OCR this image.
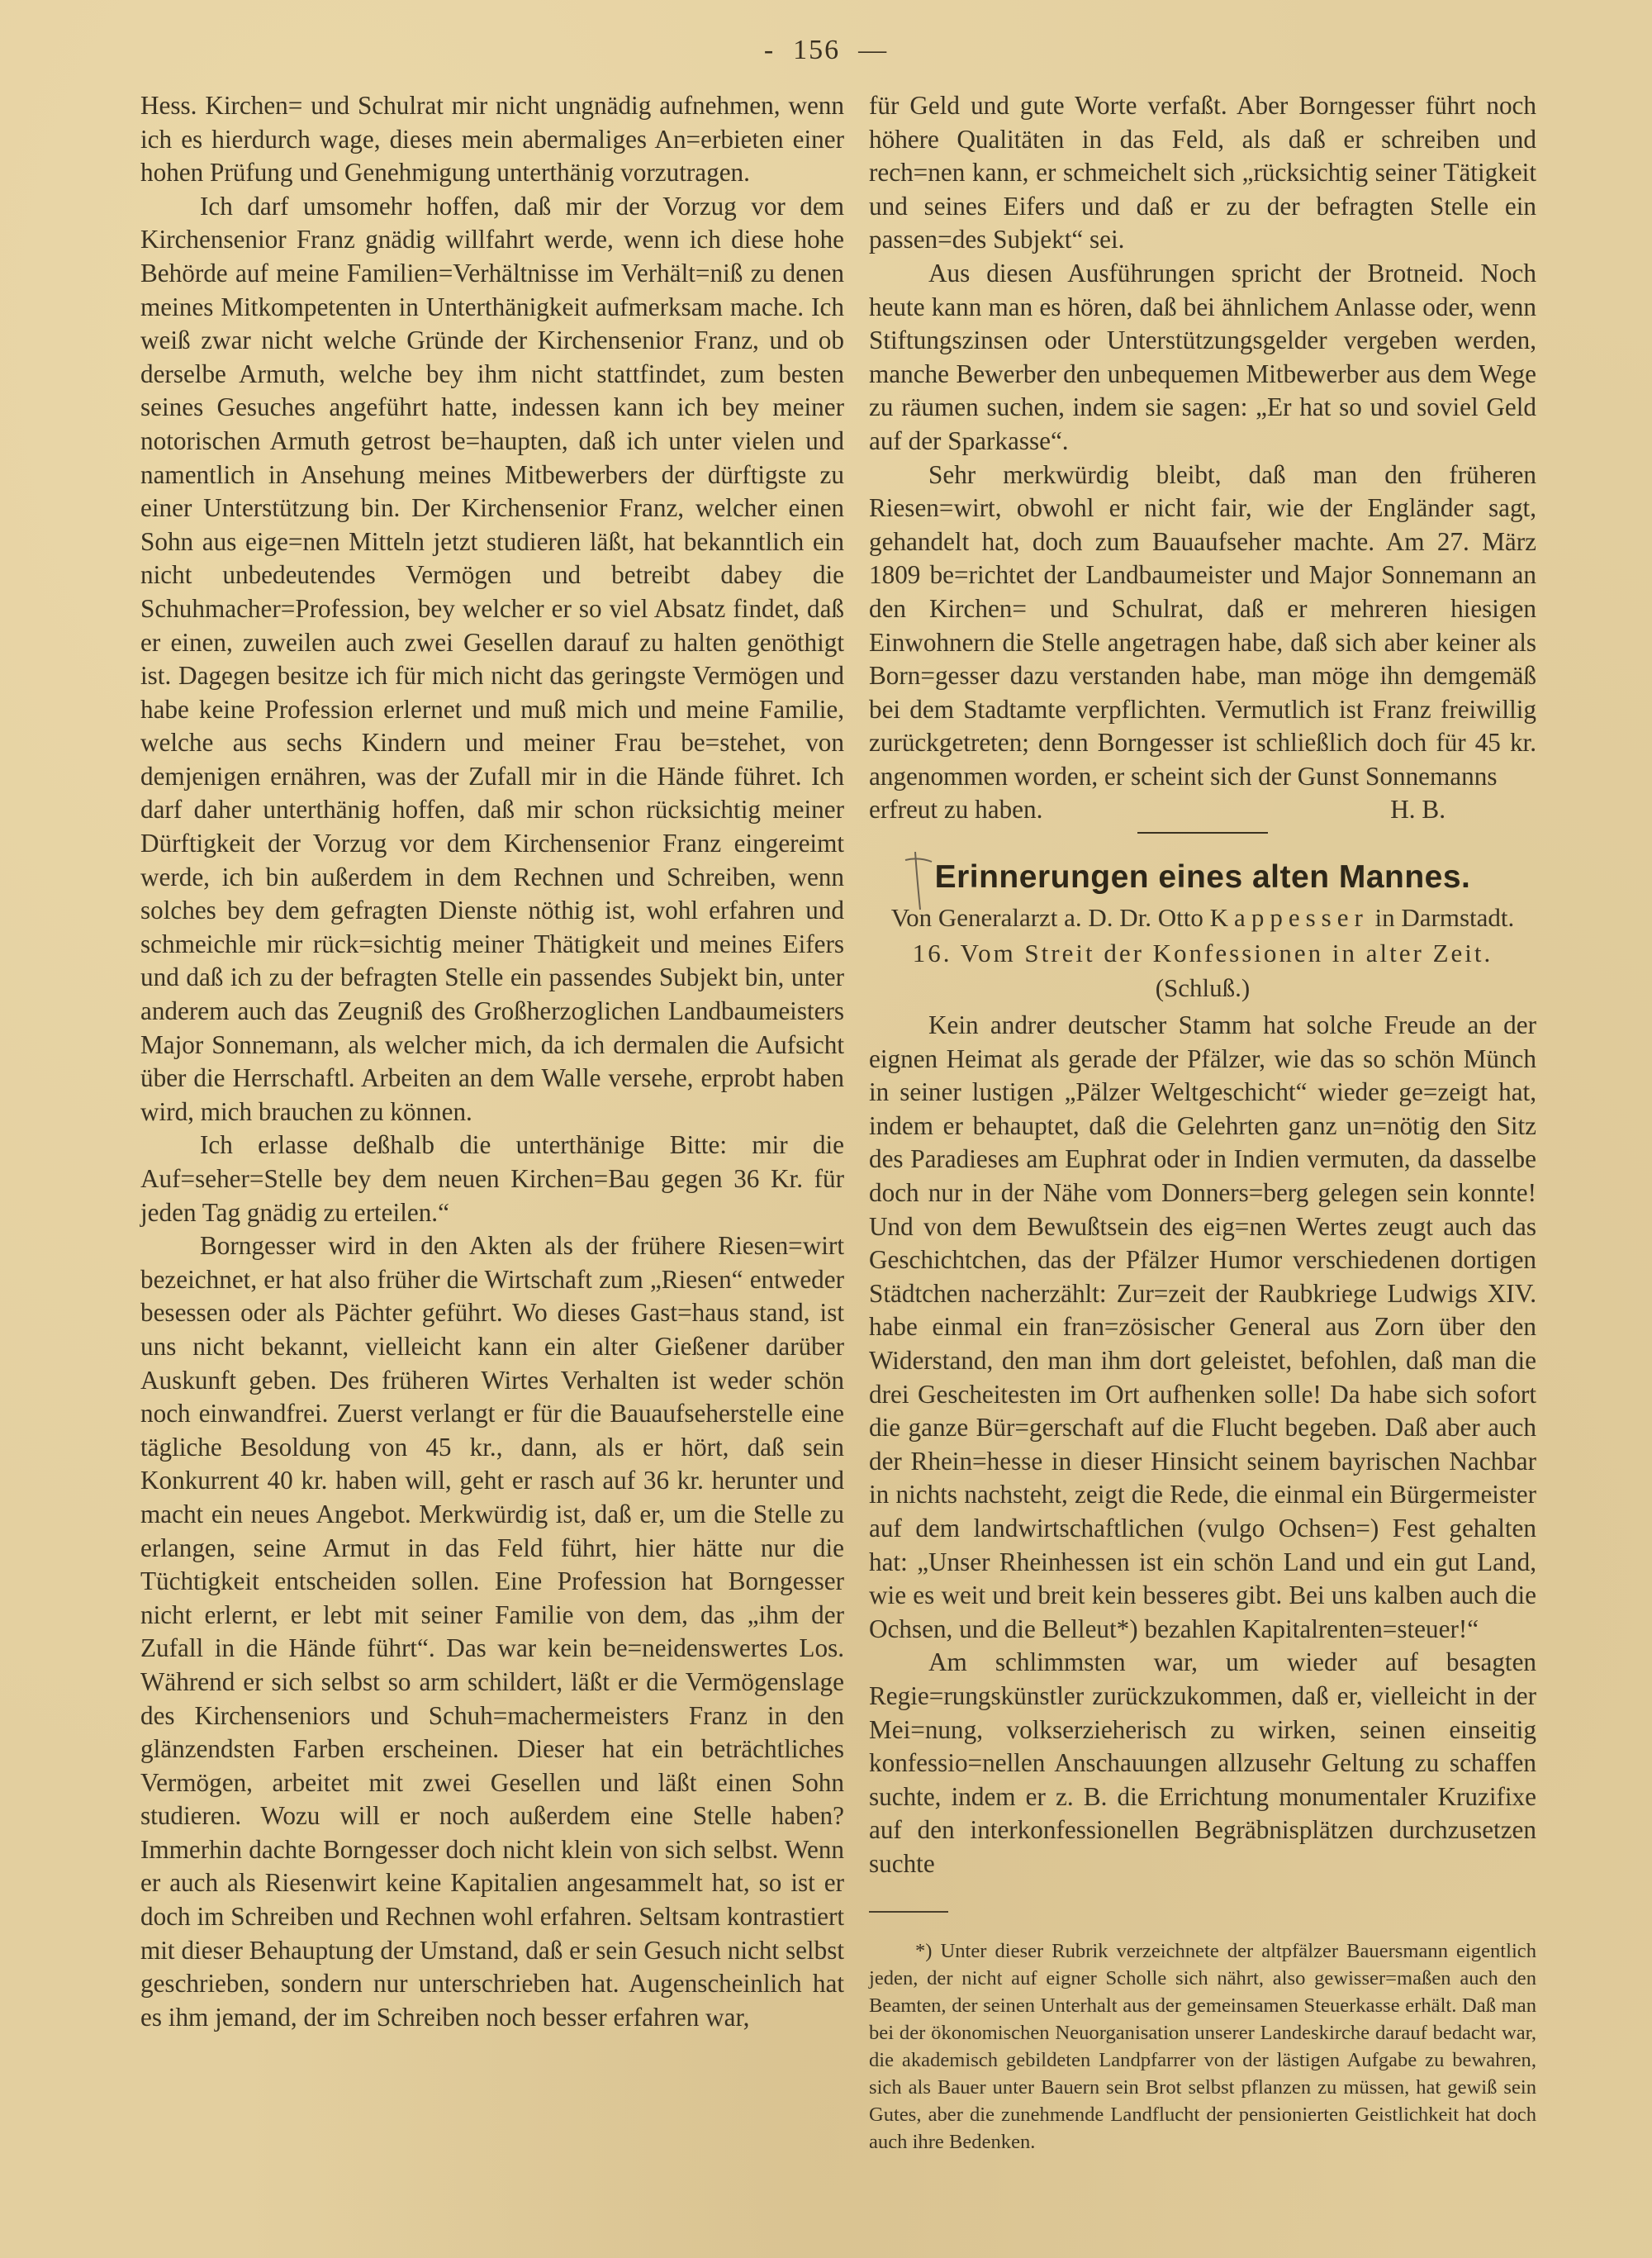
- 156 —

Hess. Kirchen= und Schulrat mir nicht ungnädig aufnehmen, wenn ich es hierdurch wage, dieses mein abermaliges An=erbieten einer hohen Prüfung und Genehmigung unterthänig vorzutragen.

Ich darf umsomehr hoffen, daß mir der Vorzug vor dem Kirchensenior Franz gnädig willfahrt werde, wenn ich diese hohe Behörde auf meine Familien=Verhältnisse im Verhält=niß zu denen meines Mitkompetenten in Unterthänigkeit aufmerksam mache. Ich weiß zwar nicht welche Gründe der Kirchensenior Franz, und ob derselbe Armuth, welche bey ihm nicht stattfindet, zum besten seines Gesuches angeführt hatte, indessen kann ich bey meiner notorischen Armuth getrost be=haupten, daß ich unter vielen und namentlich in Ansehung meines Mitbewerbers der dürftigste zu einer Unterstützung bin. Der Kirchensenior Franz, welcher einen Sohn aus eige=nen Mitteln jetzt studieren läßt, hat bekanntlich ein nicht unbedeutendes Vermögen und betreibt dabey die Schuhmacher=Profession, bey welcher er so viel Absatz findet, daß er einen, zuweilen auch zwei Gesellen darauf zu halten genöthigt ist. Dagegen besitze ich für mich nicht das geringste Vermögen und habe keine Profession erlernet und muß mich und meine Familie, welche aus sechs Kindern und meiner Frau be=stehet, von demjenigen ernähren, was der Zufall mir in die Hände führet. Ich darf daher unterthänig hoffen, daß mir schon rücksichtig meiner Dürftigkeit der Vorzug vor dem Kirchensenior Franz eingereimt werde, ich bin außerdem in dem Rechnen und Schreiben, wenn solches bey dem gefragten Dienste nöthig ist, wohl erfahren und schmeichle mir rück=sichtig meiner Thätigkeit und meines Eifers und daß ich zu der befragten Stelle ein passendes Subjekt bin, unter anderem auch das Zeugniß des Großherzoglichen Landbaumeisters Major Sonnemann, als welcher mich, da ich dermalen die Aufsicht über die Herrschaftl. Arbeiten an dem Walle versehe, erprobt haben wird, mich brauchen zu können.

Ich erlasse deßhalb die unterthänige Bitte: mir die Auf=seher=Stelle bey dem neuen Kirchen=Bau gegen 36 Kr. für jeden Tag gnädig zu erteilen.“

Borngesser wird in den Akten als der frühere Riesen=wirt bezeichnet, er hat also früher die Wirtschaft zum „Riesen“ entweder besessen oder als Pächter geführt. Wo dieses Gast=haus stand, ist uns nicht bekannt, vielleicht kann ein alter Gießener darüber Auskunft geben. Des früheren Wirtes Verhalten ist weder schön noch einwandfrei. Zuerst verlangt er für die Bauaufseherstelle eine tägliche Besoldung von 45 kr., dann, als er hört, daß sein Konkurrent 40 kr. haben will, geht er rasch auf 36 kr. herunter und macht ein neues Angebot. Merkwürdig ist, daß er, um die Stelle zu erlangen, seine Armut in das Feld führt, hier hätte nur die Tüchtigkeit entscheiden sollen. Eine Profession hat Borngesser nicht erlernt, er lebt mit seiner Familie von dem, das „ihm der Zufall in die Hände führt“. Das war kein be=neidenswertes Los. Während er sich selbst so arm schildert, läßt er die Vermögenslage des Kirchenseniors und Schuh=machermeisters Franz in den glänzendsten Farben erscheinen. Dieser hat ein beträchtliches Vermögen, arbeitet mit zwei Gesellen und läßt einen Sohn studieren. Wozu will er noch außerdem eine Stelle haben? Immerhin dachte Borngesser doch nicht klein von sich selbst. Wenn er auch als Riesenwirt keine Kapitalien angesammelt hat, so ist er doch im Schreiben und Rechnen wohl erfahren. Seltsam kontrastiert mit dieser Behauptung der Umstand, daß er sein Gesuch nicht selbst geschrieben, sondern nur unterschrieben hat. Augenscheinlich hat es ihm jemand, der im Schreiben noch besser erfahren war,

für Geld und gute Worte verfaßt. Aber Borngesser führt noch höhere Qualitäten in das Feld, als daß er schreiben und rech=nen kann, er schmeichelt sich „rücksichtig seiner Tätigkeit und seines Eifers und daß er zu der befragten Stelle ein passen=des Subjekt“ sei.

Aus diesen Ausführungen spricht der Brotneid. Noch heute kann man es hören, daß bei ähnlichem Anlasse oder, wenn Stiftungszinsen oder Unterstützungsgelder vergeben werden, manche Bewerber den unbequemen Mitbewerber aus dem Wege zu räumen suchen, indem sie sagen: „Er hat so und soviel Geld auf der Sparkasse“.

Sehr merkwürdig bleibt, daß man den früheren Riesen=wirt, obwohl er nicht fair, wie der Engländer sagt, gehandelt hat, doch zum Bauaufseher machte. Am 27. März 1809 be=richtet der Landbaumeister und Major Sonnemann an den Kirchen= und Schulrat, daß er mehreren hiesigen Einwohnern die Stelle angetragen habe, daß sich aber keiner als Born=gesser dazu verstanden habe, man möge ihn demgemäß bei dem Stadtamte verpflichten. Vermutlich ist Franz freiwillig zurückgetreten; denn Borngesser ist schließlich doch für 45 kr. angenommen worden, er scheint sich der Gunst Sonnemanns

erfreut zu haben.	H. B.
Erinnerungen eines alten Mannes.
Von Generalarzt a. D. Dr. Otto Kappesser in Darmstadt.
16. Vom Streit der Konfessionen in alter Zeit.
(Schluß.)

Kein andrer deutscher Stamm hat solche Freude an der eignen Heimat als gerade der Pfälzer, wie das so schön Münch in seiner lustigen „Pälzer Weltgeschicht“ wieder ge=zeigt hat, indem er behauptet, daß die Gelehrten ganz un=nötig den Sitz des Paradieses am Euphrat oder in Indien vermuten, da dasselbe doch nur in der Nähe vom Donners=berg gelegen sein konnte! Und von dem Bewußtsein des eig=nen Wertes zeugt auch das Geschichtchen, das der Pfälzer Humor verschiedenen dortigen Städtchen nacherzählt: Zur=zeit der Raubkriege Ludwigs XIV. habe einmal ein fran=zösischer General aus Zorn über den Widerstand, den man ihm dort geleistet, befohlen, daß man die drei Gescheitesten im Ort aufhenken solle! Da habe sich sofort die ganze Bür=gerschaft auf die Flucht begeben. Daß aber auch der Rhein=hesse in dieser Hinsicht seinem bayrischen Nachbar in nichts nachsteht, zeigt die Rede, die einmal ein Bürgermeister auf dem landwirtschaftlichen (vulgo Ochsen=) Fest gehalten hat: „Unser Rheinhessen ist ein schön Land und ein gut Land, wie es weit und breit kein besseres gibt. Bei uns kalben auch die Ochsen, und die Belleut*) bezahlen Kapitalrenten=steuer!“

Am schlimmsten war, um wieder auf besagten Regie=rungskünstler zurückzukommen, daß er, vielleicht in der Mei=nung, volkserzieherisch zu wirken, seinen einseitig konfessio=nellen Anschauungen allzusehr Geltung zu schaffen suchte, indem er z. B. die Errichtung monumentaler Kruzifixe auf den interkonfessionellen Begräbnisplätzen durchzusetzen suchte

*) Unter dieser Rubrik verzeichnete der altpfälzer Bauersmann eigentlich jeden, der nicht auf eigner Scholle sich nährt, also gewisser=maßen auch den Beamten, der seinen Unterhalt aus der gemeinsamen Steuerkasse erhält. Daß man bei der ökonomischen Neuorganisation unserer Landeskirche darauf bedacht war, die akademisch gebildeten Landpfarrer von der lästigen Aufgabe zu bewahren, sich als Bauer unter Bauern sein Brot selbst pflanzen zu müssen, hat gewiß sein Gutes, aber die zunehmende Landflucht der pensionierten Geistlichkeit hat doch auch ihre Bedenken.
